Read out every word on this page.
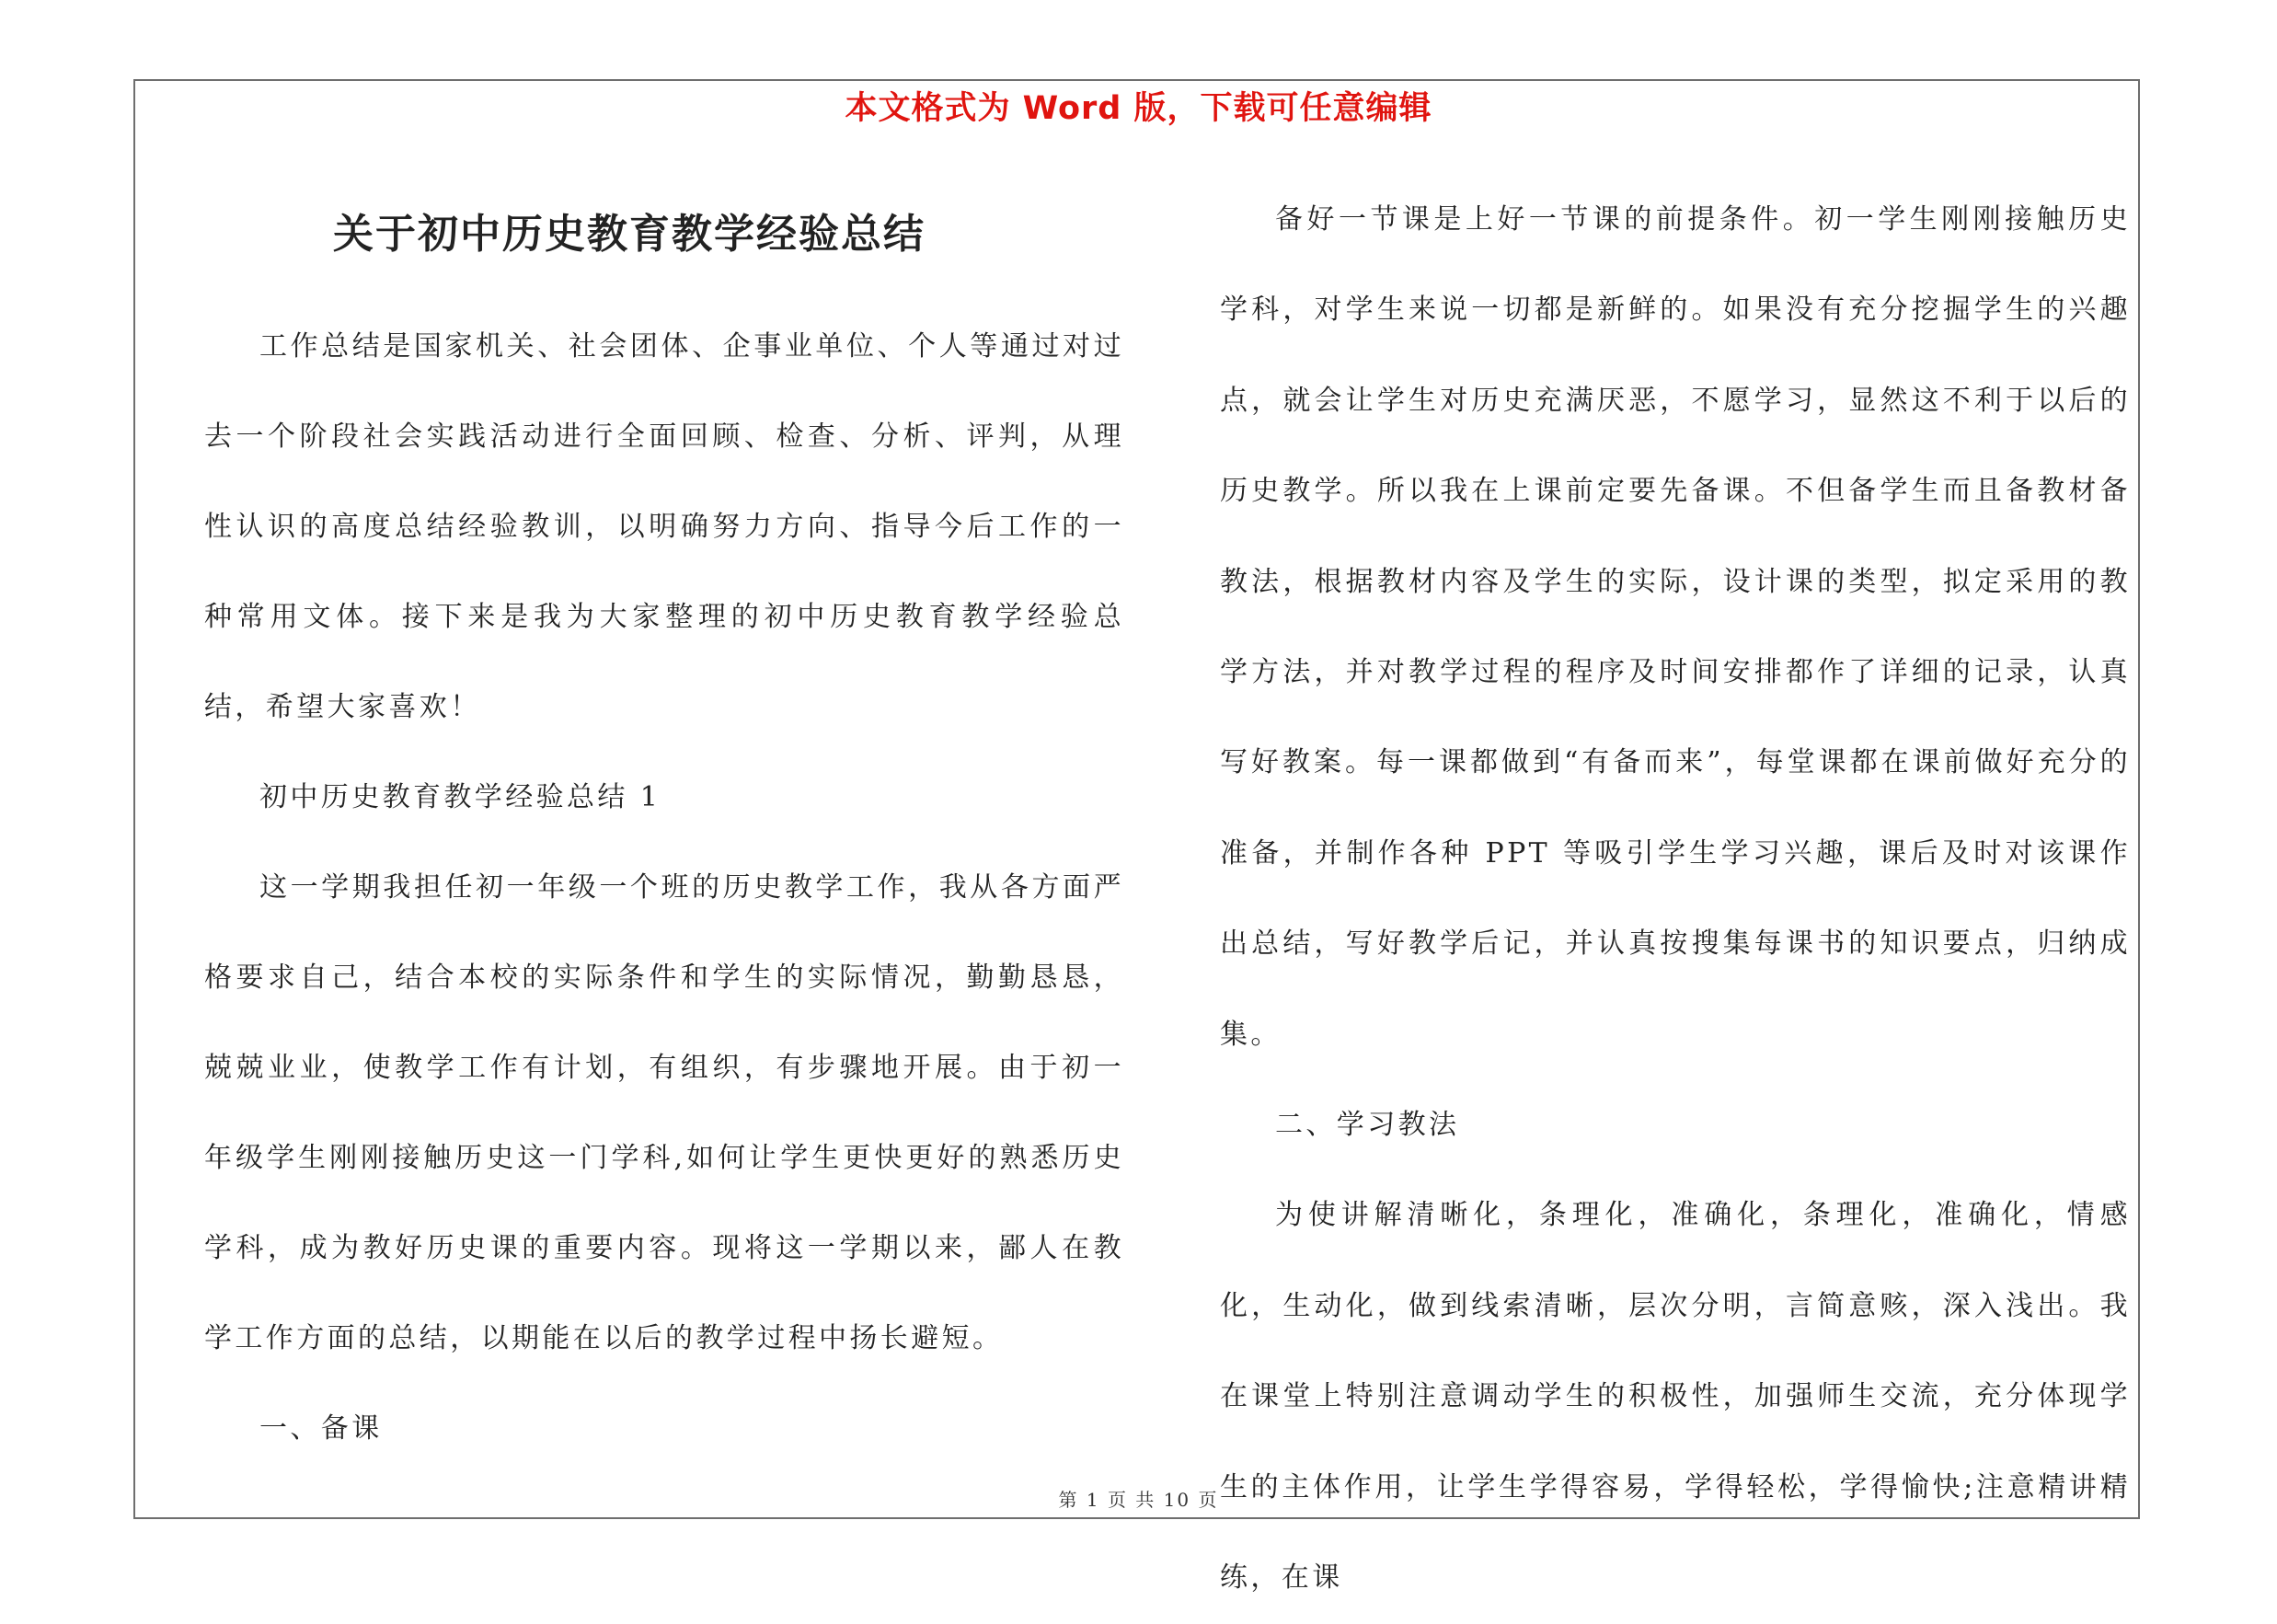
本文格式为 Word 版，下载可任意编辑
关于初中历史教育教学经验总结

工作总结是国家机关、社会团体、企事业单位、个人等通过对过去一个阶段社会实践活动进行全面回顾、检查、分析、评判，从理性认识的高度总结经验教训，以明确努力方向、指导今后工作的一种常用文体。接下来是我为大家整理的初中历史教育教学经验总结，希望大家喜欢！

初中历史教育教学经验总结 1

这一学期我担任初一年级一个班的历史教学工作，我从各方面严格要求自己，结合本校的实际条件和学生的实际情况，勤勤恳恳，兢兢业业，使教学工作有计划，有组织，有步骤地开展。由于初一年级学生刚刚接触历史这一门学科,如何让学生更快更好的熟悉历史学科，成为教好历史课的重要内容。现将这一学期以来，鄙人在教学工作方面的总结，以期能在以后的教学过程中扬长避短。

一、备课

备好一节课是上好一节课的前提条件。初一学生刚刚接触历史学科，对学生来说一切都是新鲜的。如果没有充分挖掘学生的兴趣点，就会让学生对历史充满厌恶，不愿学习，显然这不利于以后的历史教学。所以我在上课前定要先备课。不但备学生而且备教材备教法，根据教材内容及学生的实际，设计课的类型，拟定采用的教学方法，并对教学过程的程序及时间安排都作了详细的记录，认真写好教案。每一课都做到“有备而来”，每堂课都在课前做好充分的准备，并制作各种 PPT 等吸引学生学习兴趣，课后及时对该课作出总结，写好教学后记，并认真按搜集每课书的知识要点，归纳成集。

二、学习教法

为使讲解清晰化，条理化，准确化，条理化，准确化，情感化，生动化，做到线索清晰，层次分明，言简意赅，深入浅出。我在课堂上特别注意调动学生的积极性，加强师生交流，充分体现学生的主体作用，让学生学得容易，学得轻松，学得愉快;注意精讲精练，在课

第 1 页 共 10 页
